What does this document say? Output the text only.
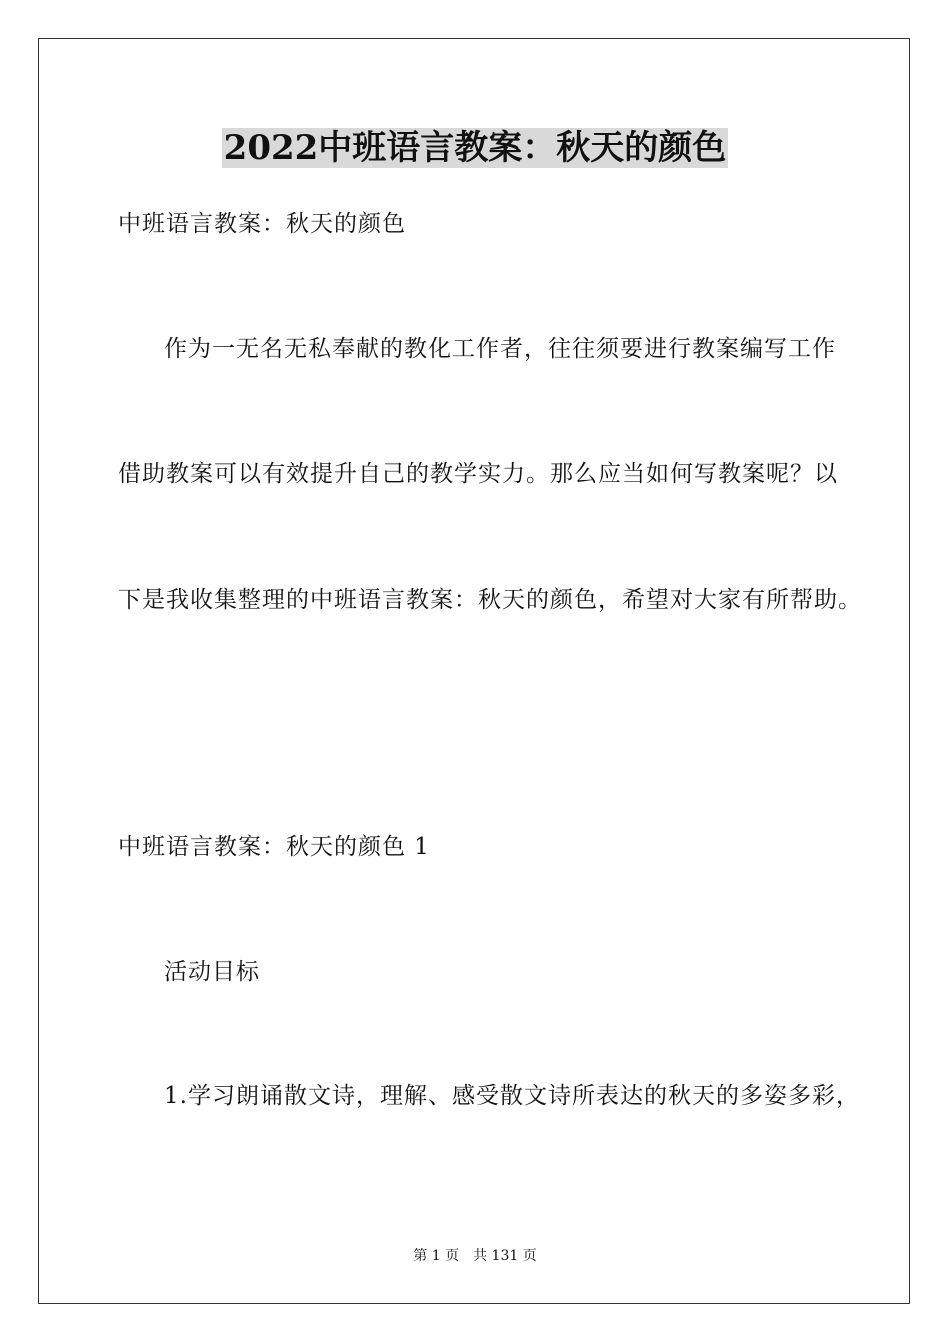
2022中班语言教案：秋天的颜色
中班语言教案：秋天的颜色
作为一无名无私奉献的教化工作者，往往须要进行教案编写工作
借助教案可以有效提升自己的教学实力。那么应当如何写教案呢？以
下是我收集整理的中班语言教案：秋天的颜色，希望对大家有所帮助。
中班语言教案：秋天的颜色 1
活动目标
1.学习朗诵散文诗，理解、感受散文诗所表达的秋天的多姿多彩，
第 1 页 共 131 页
